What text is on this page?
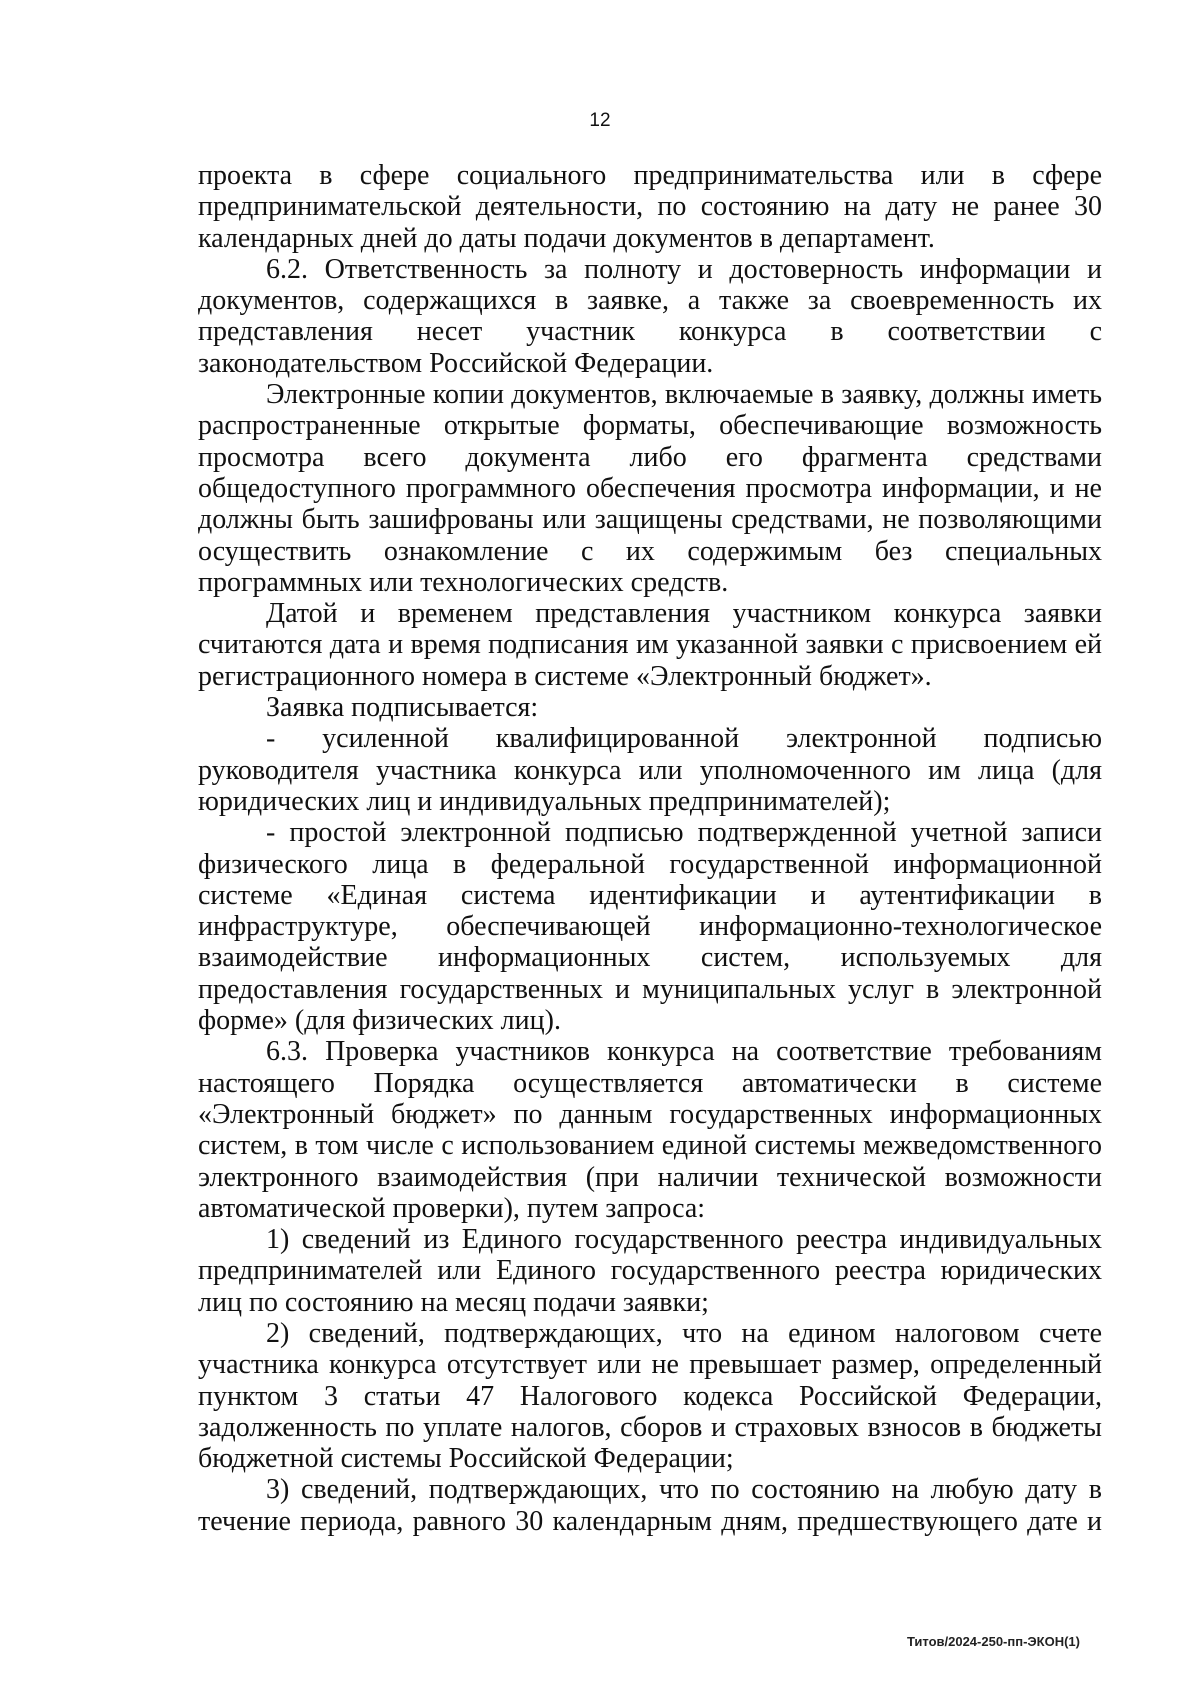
12

проекта в сфере социального предпринимательства или в сфере предпринимательской деятельности, по состоянию на дату не ранее 30 календарных дней до даты подачи документов в департамент.

6.2. Ответственность за полноту и достоверность информации и документов, содержащихся в заявке, а также за своевременность их представления несет участник конкурса в соответствии с законодательством Российской Федерации.

Электронные копии документов, включаемые в заявку, должны иметь распространенные открытые форматы, обеспечивающие возможность просмотра всего документа либо его фрагмента средствами общедоступного программного обеспечения просмотра информации, и не должны быть зашифрованы или защищены средствами, не позволяющими осуществить ознакомление с их содержимым без специальных программных или технологических средств.

Датой и временем представления участником конкурса заявки считаются дата и время подписания им указанной заявки с присвоением ей регистрационного номера в системе «Электронный бюджет».

Заявка подписывается:

- усиленной квалифицированной электронной подписью руководителя участника конкурса или уполномоченного им лица (для юридических лиц и индивидуальных предпринимателей);

- простой электронной подписью подтвержденной учетной записи физического лица в федеральной государственной информационной системе «Единая система идентификации и аутентификации в инфраструктуре, обеспечивающей информационно-технологическое взаимодействие информационных систем, используемых для предоставления государственных и муниципальных услуг в электронной форме» (для физических лиц).

6.3. Проверка участников конкурса на соответствие требованиям настоящего Порядка осуществляется автоматически в системе «Электронный бюджет» по данным государственных информационных систем, в том числе с использованием единой системы межведомственного электронного взаимодействия (при наличии технической возможности автоматической проверки), путем запроса:

1) сведений из Единого государственного реестра индивидуальных предпринимателей или Единого государственного реестра юридических лиц по состоянию на месяц подачи заявки;

2) сведений, подтверждающих, что на едином налоговом счете участника конкурса отсутствует или не превышает размер, определенный пунктом 3 статьи 47 Налогового кодекса Российской Федерации, задолженность по уплате налогов, сборов и страховых взносов в бюджеты бюджетной системы Российской Федерации;

3) сведений, подтверждающих, что по состоянию на любую дату в течение периода, равного 30 календарным дням, предшествующего дате и

Титов/2024-250-пп-ЭКОН(1)
